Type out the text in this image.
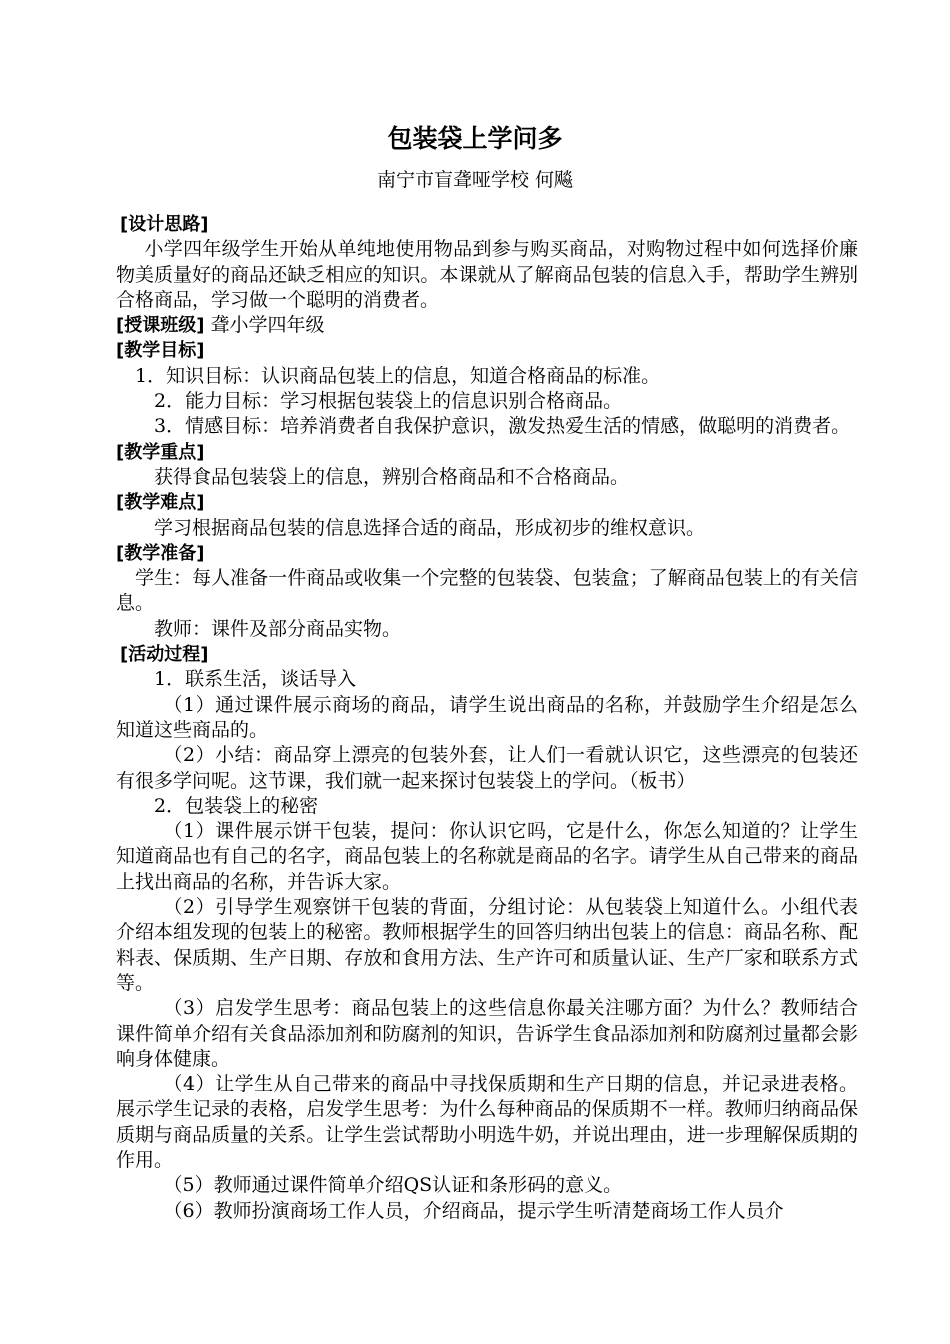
包装袋上学问多

南宁市盲聋哑学校 何飚

[设计思路]

小学四年级学生开始从单纯地使用物品到参与购买商品，对购物过程中如何选择价廉物美质量好的商品还缺乏相应的知识。本课就从了解商品包装的信息入手，帮助学生辨别合格商品，学习做一个聪明的消费者。

[授课班级] 聋小学四年级

[教学目标]

1．知识目标：认识商品包装上的信息，知道合格商品的标准。

2．能力目标：学习根据包装袋上的信息识别合格商品。

3．情感目标：培养消费者自我保护意识，激发热爱生活的情感，做聪明的消费者。

[教学重点]

获得食品包装袋上的信息，辨别合格商品和不合格商品。

[教学难点]

学习根据商品包装的信息选择合适的商品，形成初步的维权意识。

[教学准备]

学生：每人准备一件商品或收集一个完整的包装袋、包装盒；了解商品包装上的有关信息。

教师：课件及部分商品实物。

[活动过程]

1．联系生活，谈话导入

（1）通过课件展示商场的商品，请学生说出商品的名称，并鼓励学生介绍是怎么知道这些商品的。

（2）小结：商品穿上漂亮的包装外套，让人们一看就认识它，这些漂亮的包装还有很多学问呢。这节课，我们就一起来探讨包装袋上的学问。（板书）

2．包装袋上的秘密

（1）课件展示饼干包装，提问：你认识它吗，它是什么，你怎么知道的？让学生知道商品也有自己的名字，商品包装上的名称就是商品的名字。请学生从自己带来的商品上找出商品的名称，并告诉大家。

（2）引导学生观察饼干包装的背面，分组讨论：从包装袋上知道什么。小组代表介绍本组发现的包装上的秘密。教师根据学生的回答归纳出包装上的信息：商品名称、配料表、保质期、生产日期、存放和食用方法、生产许可和质量认证、生产厂家和联系方式等。

（3）启发学生思考：商品包装上的这些信息你最关注哪方面？为什么？教师结合课件简单介绍有关食品添加剂和防腐剂的知识，告诉学生食品添加剂和防腐剂过量都会影响身体健康。

（4）让学生从自己带来的商品中寻找保质期和生产日期的信息，并记录进表格。展示学生记录的表格，启发学生思考：为什么每种商品的保质期不一样。教师归纳商品保质期与商品质量的关系。让学生尝试帮助小明选牛奶，并说出理由，进一步理解保质期的作用。

（5）教师通过课件简单介绍QS认证和条形码的意义。

（6）教师扮演商场工作人员，介绍商品，提示学生听清楚商场工作人员介
